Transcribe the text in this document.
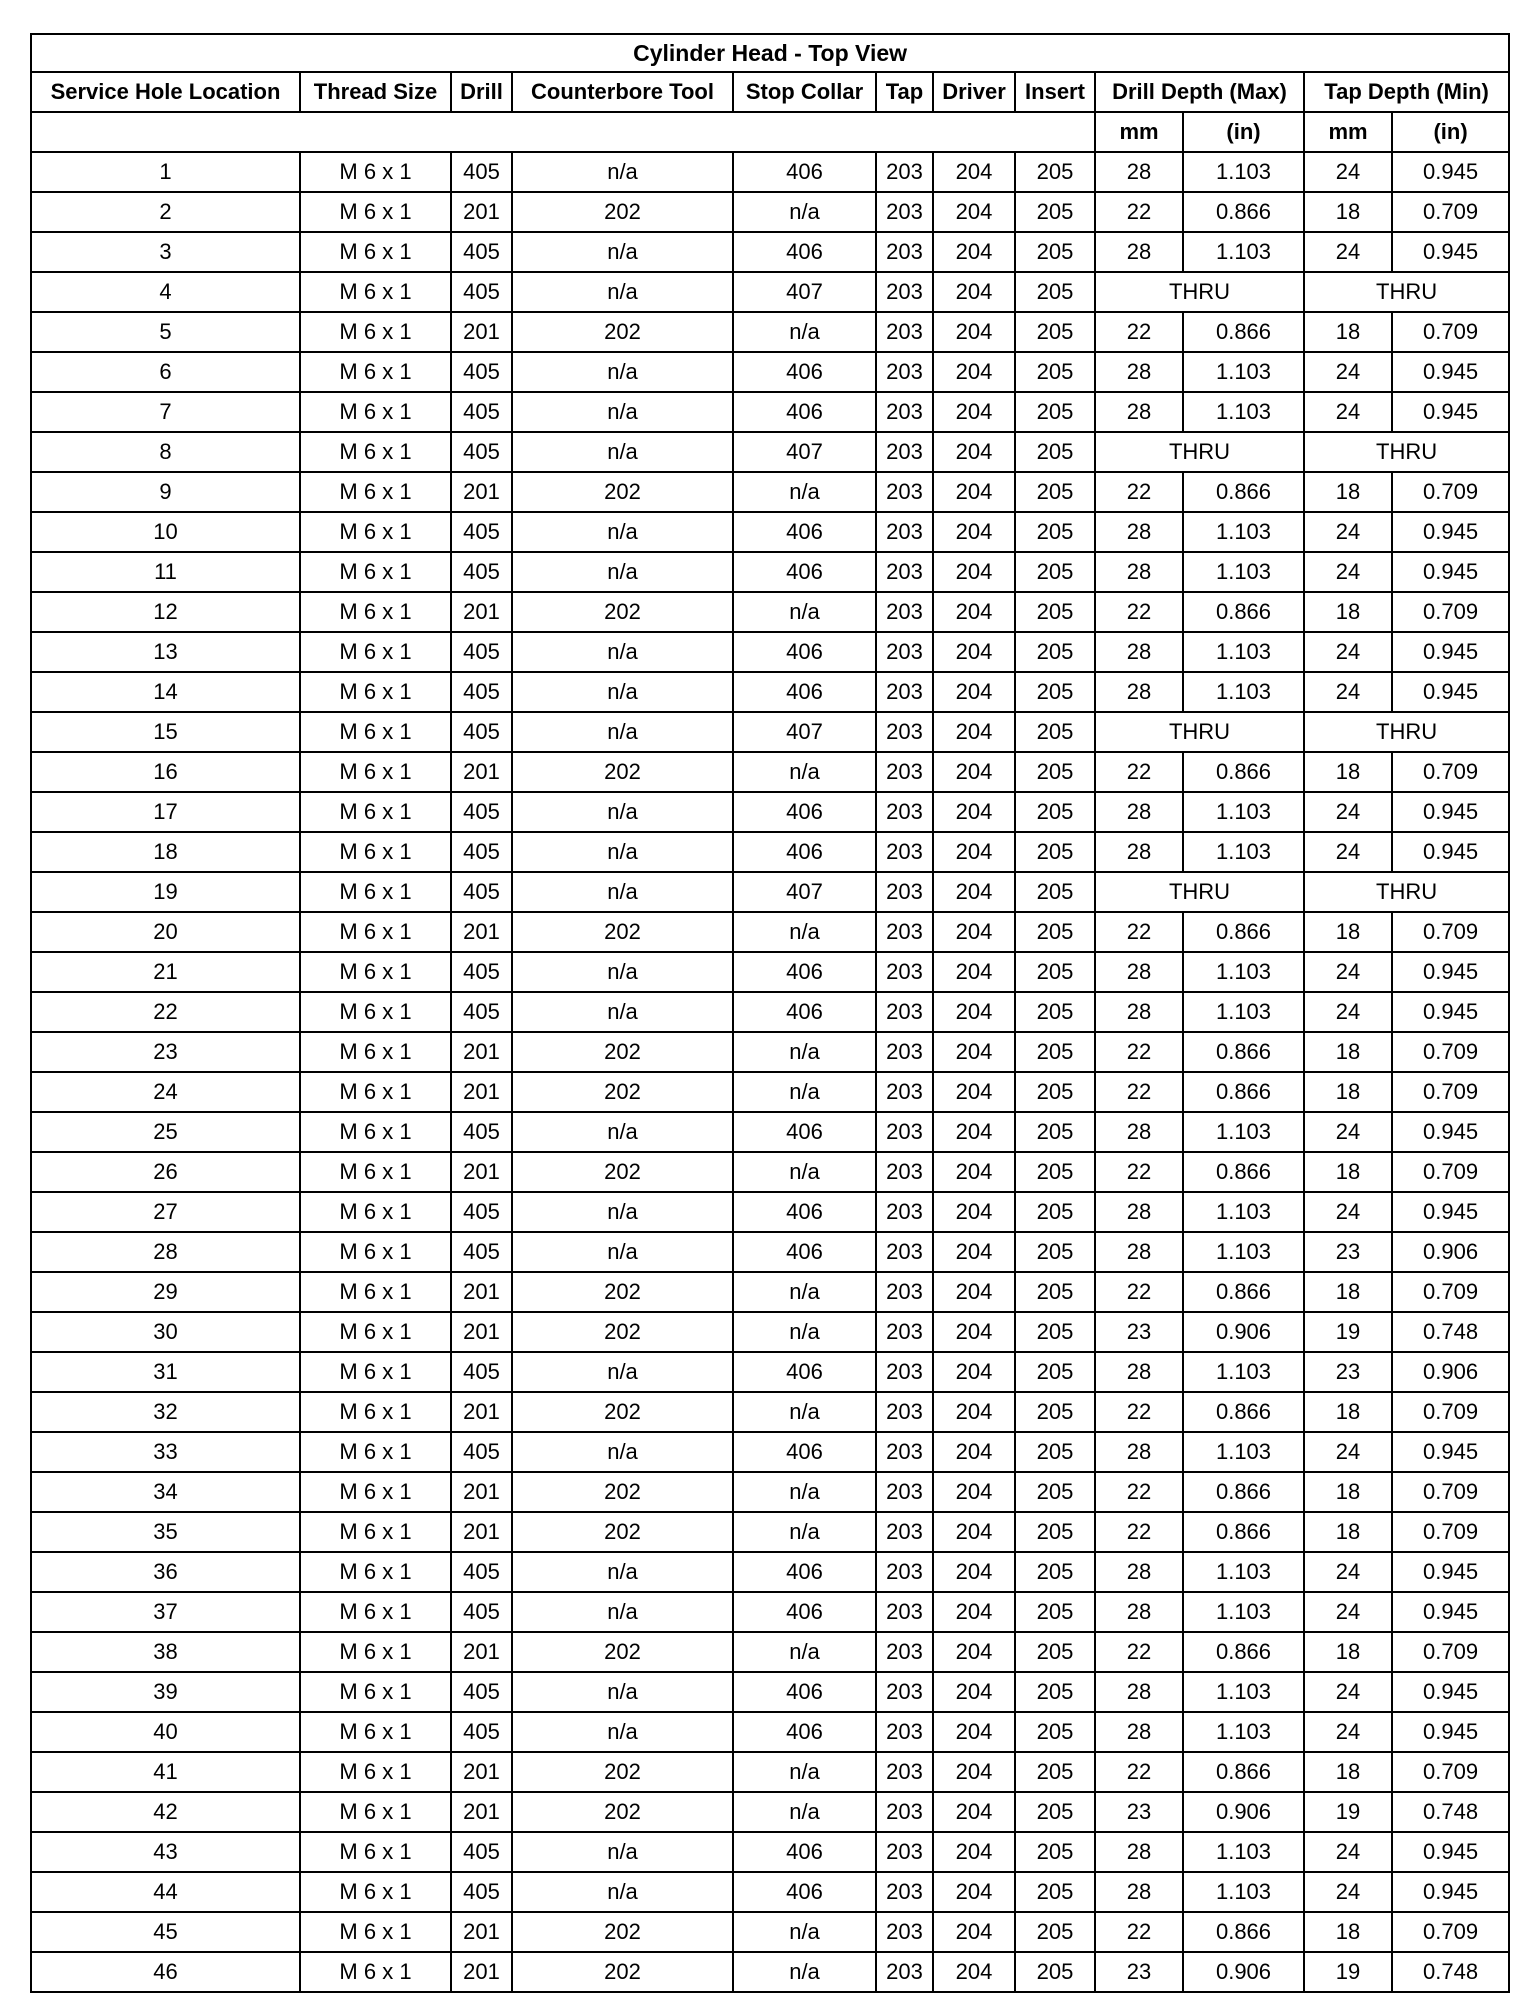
Cylinder Head - Top View											
Service Hole Location	Thread Size	Drill	Counterbore Tool	Stop Collar	Tap	Driver	Insert	Drill Depth (Max)		Tap Depth (Min)	
								mm	(in)	mm	(in)
1	M 6 x 1	405	n/a	406	203	204	205	28	1.103	24	0.945
2	M 6 x 1	201	202	n/a	203	204	205	22	0.866	18	0.709
3	M 6 x 1	405	n/a	406	203	204	205	28	1.103	24	0.945
4	M 6 x 1	405	n/a	407	203	204	205	THRU		THRU	
5	M 6 x 1	201	202	n/a	203	204	205	22	0.866	18	0.709
6	M 6 x 1	405	n/a	406	203	204	205	28	1.103	24	0.945
7	M 6 x 1	405	n/a	406	203	204	205	28	1.103	24	0.945
8	M 6 x 1	405	n/a	407	203	204	205	THRU		THRU	
9	M 6 x 1	201	202	n/a	203	204	205	22	0.866	18	0.709
10	M 6 x 1	405	n/a	406	203	204	205	28	1.103	24	0.945
11	M 6 x 1	405	n/a	406	203	204	205	28	1.103	24	0.945
12	M 6 x 1	201	202	n/a	203	204	205	22	0.866	18	0.709
13	M 6 x 1	405	n/a	406	203	204	205	28	1.103	24	0.945
14	M 6 x 1	405	n/a	406	203	204	205	28	1.103	24	0.945
15	M 6 x 1	405	n/a	407	203	204	205	THRU		THRU	
16	M 6 x 1	201	202	n/a	203	204	205	22	0.866	18	0.709
17	M 6 x 1	405	n/a	406	203	204	205	28	1.103	24	0.945
18	M 6 x 1	405	n/a	406	203	204	205	28	1.103	24	0.945
19	M 6 x 1	405	n/a	407	203	204	205	THRU		THRU	
20	M 6 x 1	201	202	n/a	203	204	205	22	0.866	18	0.709
21	M 6 x 1	405	n/a	406	203	204	205	28	1.103	24	0.945
22	M 6 x 1	405	n/a	406	203	204	205	28	1.103	24	0.945
23	M 6 x 1	201	202	n/a	203	204	205	22	0.866	18	0.709
24	M 6 x 1	201	202	n/a	203	204	205	22	0.866	18	0.709
25	M 6 x 1	405	n/a	406	203	204	205	28	1.103	24	0.945
26	M 6 x 1	201	202	n/a	203	204	205	22	0.866	18	0.709
27	M 6 x 1	405	n/a	406	203	204	205	28	1.103	24	0.945
28	M 6 x 1	405	n/a	406	203	204	205	28	1.103	23	0.906
29	M 6 x 1	201	202	n/a	203	204	205	22	0.866	18	0.709
30	M 6 x 1	201	202	n/a	203	204	205	23	0.906	19	0.748
31	M 6 x 1	405	n/a	406	203	204	205	28	1.103	23	0.906
32	M 6 x 1	201	202	n/a	203	204	205	22	0.866	18	0.709
33	M 6 x 1	405	n/a	406	203	204	205	28	1.103	24	0.945
34	M 6 x 1	201	202	n/a	203	204	205	22	0.866	18	0.709
35	M 6 x 1	201	202	n/a	203	204	205	22	0.866	18	0.709
36	M 6 x 1	405	n/a	406	203	204	205	28	1.103	24	0.945
37	M 6 x 1	405	n/a	406	203	204	205	28	1.103	24	0.945
38	M 6 x 1	201	202	n/a	203	204	205	22	0.866	18	0.709
39	M 6 x 1	405	n/a	406	203	204	205	28	1.103	24	0.945
40	M 6 x 1	405	n/a	406	203	204	205	28	1.103	24	0.945
41	M 6 x 1	201	202	n/a	203	204	205	22	0.866	18	0.709
42	M 6 x 1	201	202	n/a	203	204	205	23	0.906	19	0.748
43	M 6 x 1	405	n/a	406	203	204	205	28	1.103	24	0.945
44	M 6 x 1	405	n/a	406	203	204	205	28	1.103	24	0.945
45	M 6 x 1	201	202	n/a	203	204	205	22	0.866	18	0.709
46	M 6 x 1	201	202	n/a	203	204	205	23	0.906	19	0.748
